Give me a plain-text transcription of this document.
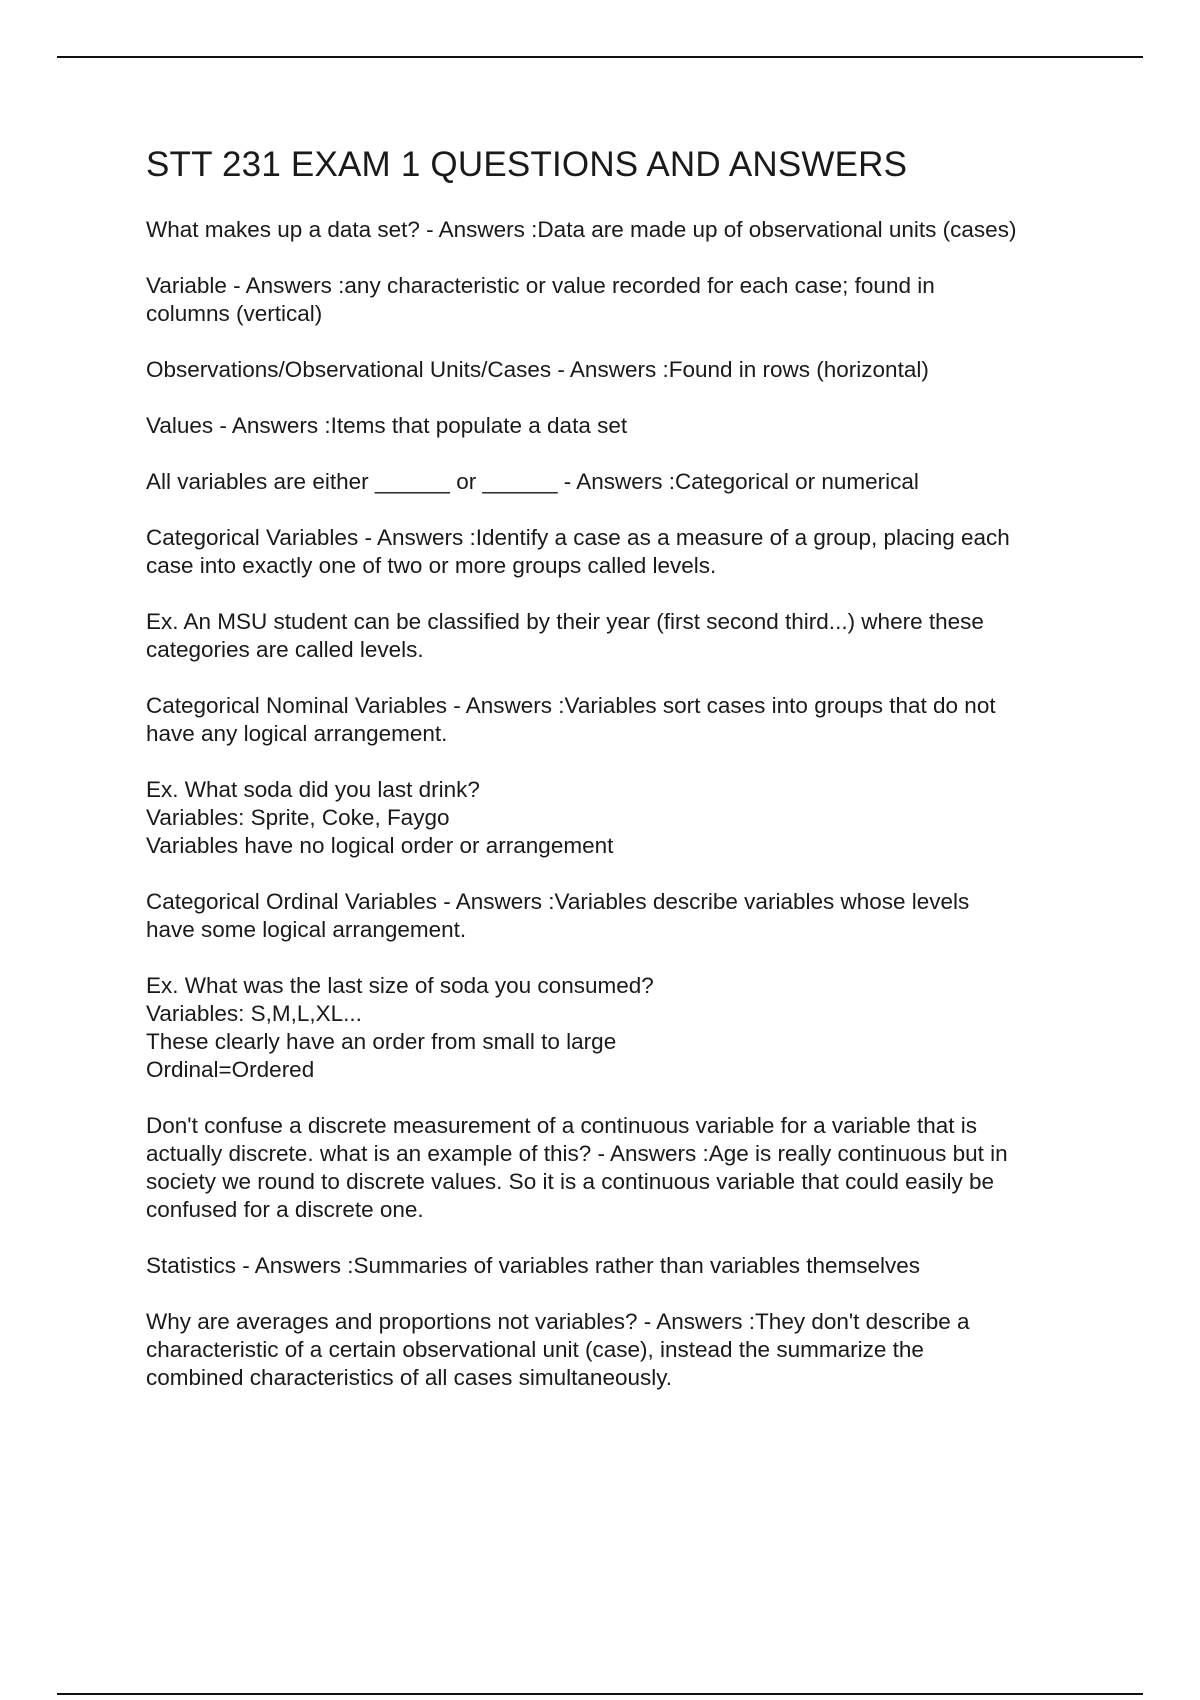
STT 231 EXAM 1 QUESTIONS AND ANSWERS
What makes up a data set? - Answers :Data are made up of observational units (cases)
Variable - Answers :any characteristic or value recorded for each case; found in
columns (vertical)
Observations/Observational Units/Cases - Answers :Found in rows (horizontal)
Values - Answers :Items that populate a data set
All variables are either ______ or ______ - Answers :Categorical or numerical
Categorical Variables - Answers :Identify a case as a measure of a group, placing each
case into exactly one of two or more groups called levels.
Ex. An MSU student can be classified by their year (first second third...) where these
categories are called levels.
Categorical Nominal Variables - Answers :Variables sort cases into groups that do not
have any logical arrangement.
Ex. What soda did you last drink?
Variables: Sprite, Coke, Faygo
Variables have no logical order or arrangement
Categorical Ordinal Variables - Answers :Variables describe variables whose levels
have some logical arrangement.
Ex. What was the last size of soda you consumed?
Variables: S,M,L,XL...
These clearly have an order from small to large
Ordinal=Ordered
Don't confuse a discrete measurement of a continuous variable for a variable that is
actually discrete. what is an example of this? - Answers :Age is really continuous but in
society we round to discrete values. So it is a continuous variable that could easily be
confused for a discrete one.
Statistics - Answers :Summaries of variables rather than variables themselves
Why are averages and proportions not variables? - Answers :They don't describe a
characteristic of a certain observational unit (case), instead the summarize the
combined characteristics of all cases simultaneously.
